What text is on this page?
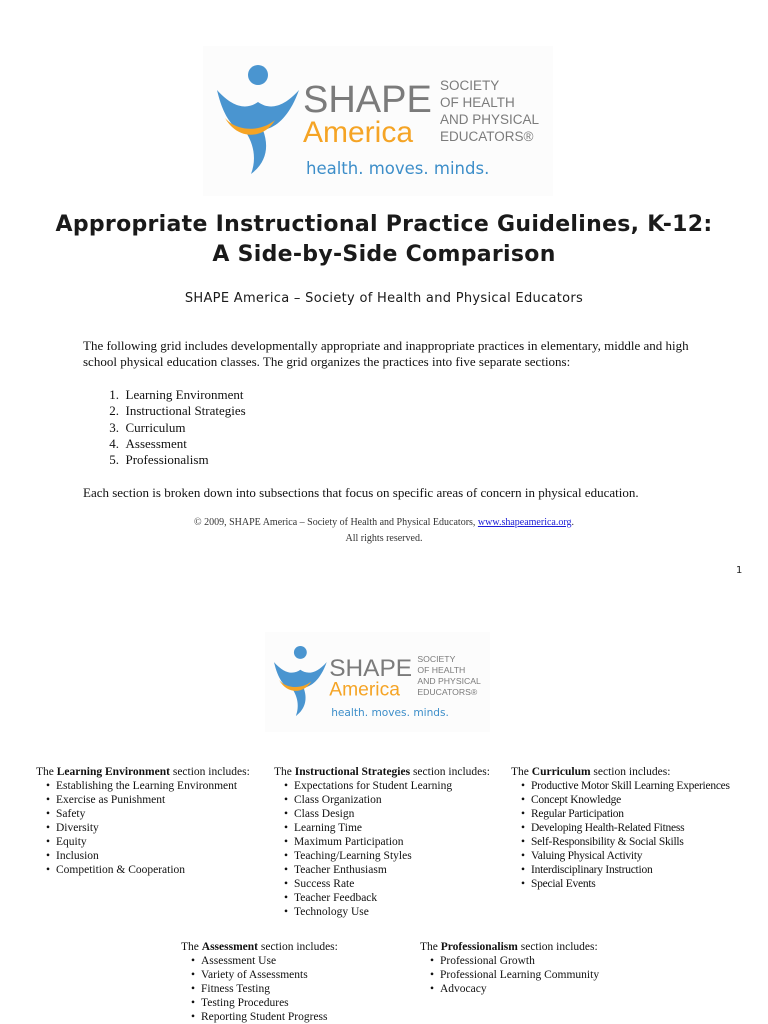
SHAPE
America
SOCIETY
OF HEALTH
AND PHYSICAL
EDUCATORS®
health. moves. minds.
Appropriate Instructional Practice Guidelines, K-12:
A Side-by-Side Comparison
SHAPE America – Society of Health and Physical Educators

The following grid includes developmentally appropriate and inappropriate practices in elementary, middle and high school physical education classes. The grid organizes the practices into five separate sections:

1. Learning Environment
2. Instructional Strategies
3. Curriculum
4. Assessment
5. Professionalism

Each section is broken down into subsections that focus on specific areas of concern in physical education.

© 2009, SHAPE America – Society of Health and Physical Educators, www.shapeamerica.org.
All rights reserved.
1
SHAPE
America
SOCIETY
OF HEALTH
AND PHYSICAL
EDUCATORS®
health. moves. minds.
The Learning Environment section includes:
• Establishing the Learning Environment
• Exercise as Punishment
• Safety
• Diversity
• Equity
• Inclusion
• Competition & Cooperation
The Instructional Strategies section includes:
• Expectations for Student Learning
• Class Organization
• Class Design
• Learning Time
• Maximum Participation
• Teaching/Learning Styles
• Teacher Enthusiasm
• Success Rate
• Teacher Feedback
• Technology Use
The Curriculum section includes:
• Productive Motor Skill Learning Experiences
• Concept Knowledge
• Regular Participation
• Developing Health-Related Fitness
• Self-Responsibility & Social Skills
• Valuing Physical Activity
• Interdisciplinary Instruction
• Special Events
The Assessment section includes:
• Assessment Use
• Variety of Assessments
• Fitness Testing
• Testing Procedures
• Reporting Student Progress
The Professionalism section includes:
• Professional Growth
• Professional Learning Community
• Advocacy
